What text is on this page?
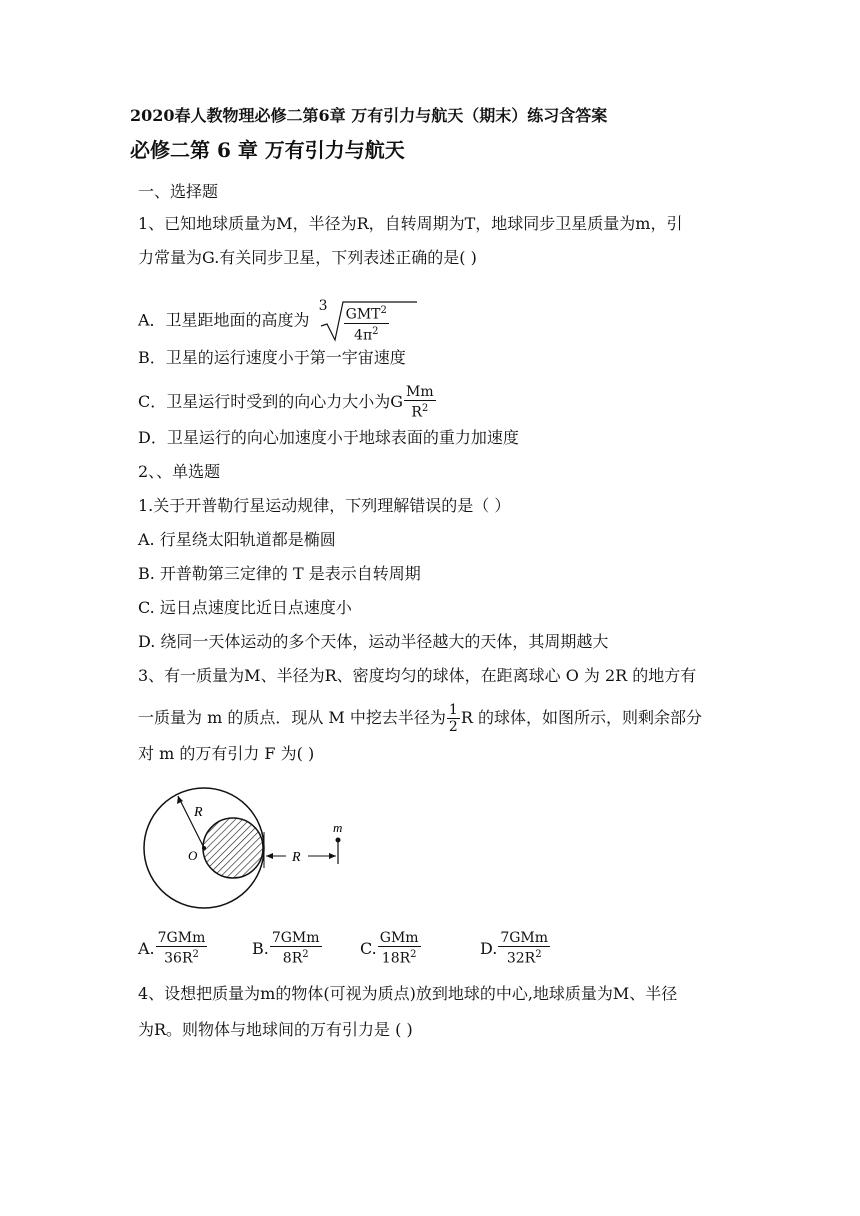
2020春人教物理必修二第6章 万有引力与航天（期末）练习含答案
必修二第 6 章 万有引力与航天
一、选择题
1、已知地球质量为M，半径为R，自转周期为T，地球同步卫星质量为m，引
力常量为G.有关同步卫星，下列表述正确的是( )
A．卫星距地面的高度为
$3 \frac{GMT^2}{4\pi^2}$
B．卫星的运行速度小于第一宇宙速度
C．卫星运行时受到的向心力大小为G $\frac{Mm}{R^2}$
D．卫星运行的向心加速度小于地球表面的重力加速度
2、、单选题
1.关于开普勒行星运动规律，下列理解错误的是（ ）
A. 行星绕太阳轨道都是椭圆
B. 开普勒第三定律的 T 是表示自转周期
C. 远日点速度比近日点速度小
D. 绕同一天体运动的多个天体，运动半径越大的天体，其周期越大
3、有一质量为M、半径为R、密度均匀的球体，在距离球心 O 为 2R 的地方有
一质量为 m 的质点．现从 M 中挖去半径为 $\frac{1}{2}$ R 的球体，如图所示，则剩余部分
对 m 的万有引力 F 为( )
R
O	R
m
A. $\frac{\text{7GMm}}{36R^2}$	B. $\frac{\text{7GMm}}{8R^2} C$. $\frac{\text{GMm}}{18R^2}$	D. $\frac{\text{7GMm}}{32R^2}$
4、设想把质量为m的物体(可视为质点)放到地球的中心,地球质量为M、半径
为R。则物体与地球间的万有引力是 ( )
